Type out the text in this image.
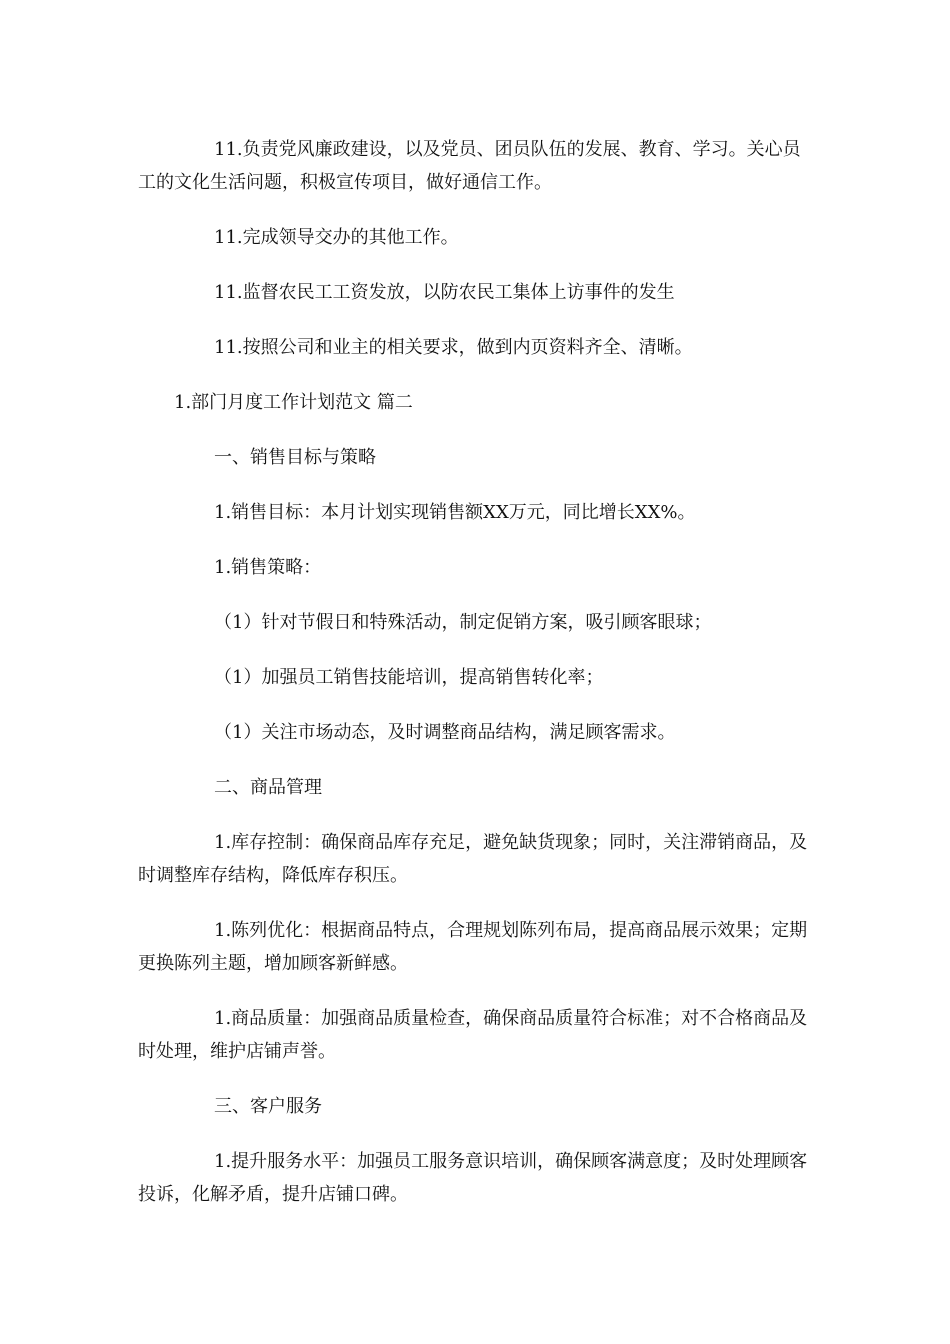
11.负责党风廉政建设，以及党员、团员队伍的发展、教育、学习。关心员工的文化生活问题，积极宣传项目，做好通信工作。

11.完成领导交办的其他工作。

11.监督农民工工资发放，以防农民工集体上访事件的发生

11.按照公司和业主的相关要求，做到内页资料齐全、清晰。

1.部门月度工作计划范文 篇二

一、销售目标与策略

1.销售目标：本月计划实现销售额XX万元，同比增长XX%。

1.销售策略：

（1）针对节假日和特殊活动，制定促销方案，吸引顾客眼球；

（1）加强员工销售技能培训，提高销售转化率；

（1）关注市场动态，及时调整商品结构，满足顾客需求。

二、商品管理

1.库存控制：确保商品库存充足，避免缺货现象；同时，关注滞销商品，及时调整库存结构，降低库存积压。

1.陈列优化：根据商品特点，合理规划陈列布局，提高商品展示效果；定期更换陈列主题，增加顾客新鲜感。

1.商品质量：加强商品质量检查，确保商品质量符合标准；对不合格商品及时处理，维护店铺声誉。

三、客户服务

1.提升服务水平：加强员工服务意识培训，确保顾客满意度；及时处理顾客投诉，化解矛盾，提升店铺口碑。
